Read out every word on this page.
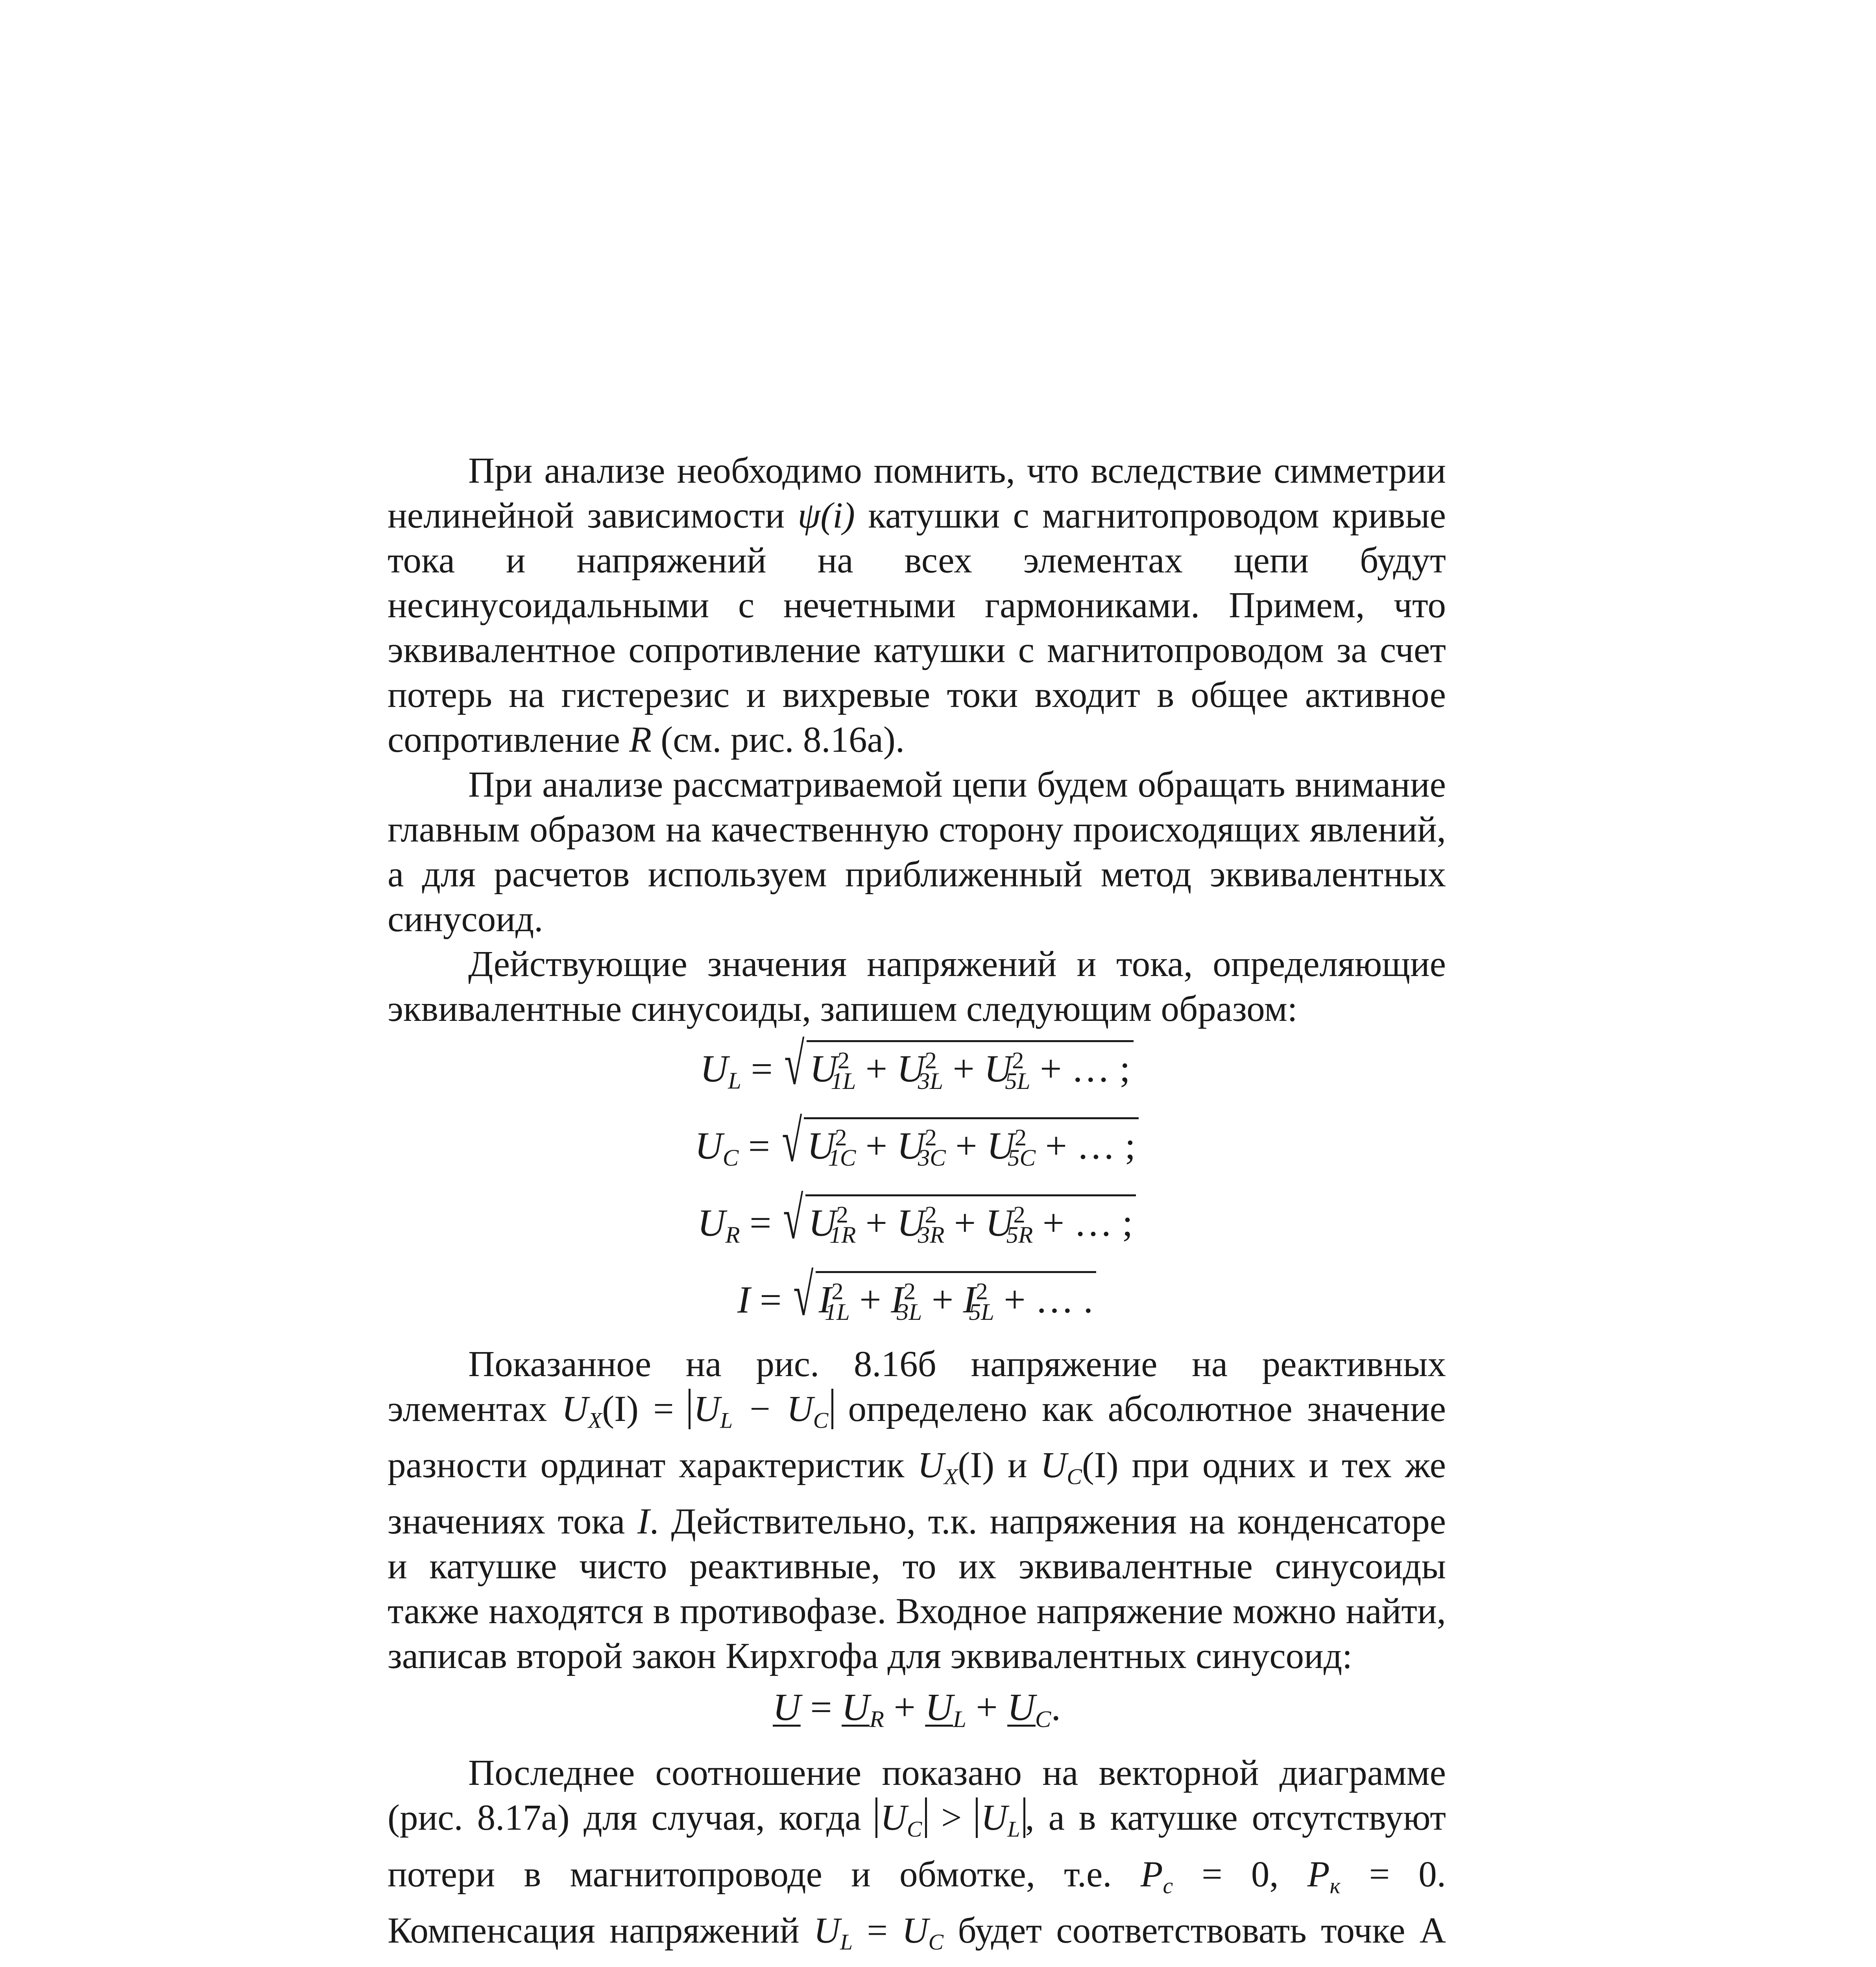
При анализе необходимо помнить, что вследствие симметрии нелинейной зависимости ψ(i) катушки с магнитопроводом кривые тока и напряжений на всех элементах цепи будут несинусоидальными с нечетными гармониками. Примем, что эквивалентное сопротивление катушки с магнитопроводом за счет потерь на гистерезис и вихревые токи входит в общее активное сопротивление R (см. рис. 8.16а).

При анализе рассматриваемой цепи будем обращать внимание главным образом на качественную сторону происходящих явлений, а для расчетов используем приближенный метод эквивалентных синусоид.

Действующие значения напряжений и тока, определяющие эквивалентные синусоиды, запишем следующим образом:

$U_L$ = √ $U^2_{1L} + U^2_{3L} + U^2_{5L}$ + … ;
$U_C$ = √ $U^2_{1C} + U^2_{3C} + U^2_{5C}$ + … ;
$U_R$ = √ $U^2_{1R} + U^2_{3R} + U^2_{5R}$ + … ;
I = √ $I^2_{1L} + I^2_{3L} + I^2_{5L}$ + … .

Показанное на рис. 8.16б напряжение на реактивных элементах $U_X(I) = U_L - U_C$ определено как абсолютное значение разности ординат характеристик $U_X(I)$ и $U_C(I)$ при одних и тех же значениях тока I. Действительно, т.к. напряжения на конденсаторе и катушке чисто реактивные, то их эквивалентные синусоиды также находятся в противофазе. Входное напряжение можно найти, записав второй закон Кирхгофа для эквивалентных синусоид:

$U = U_R + U_L + U_C$.

Последнее соотношение показано на векторной диаграмме (рис. 8.17а) для случая, когда $U_C > U_L$ , а в катушке отсутствуют потери в магнитопроводе и обмотке, т.е. $P_с = 0$, $P_к = 0$. Компенсация напряжений $U_L = U_C$ будет соответствовать точке А
